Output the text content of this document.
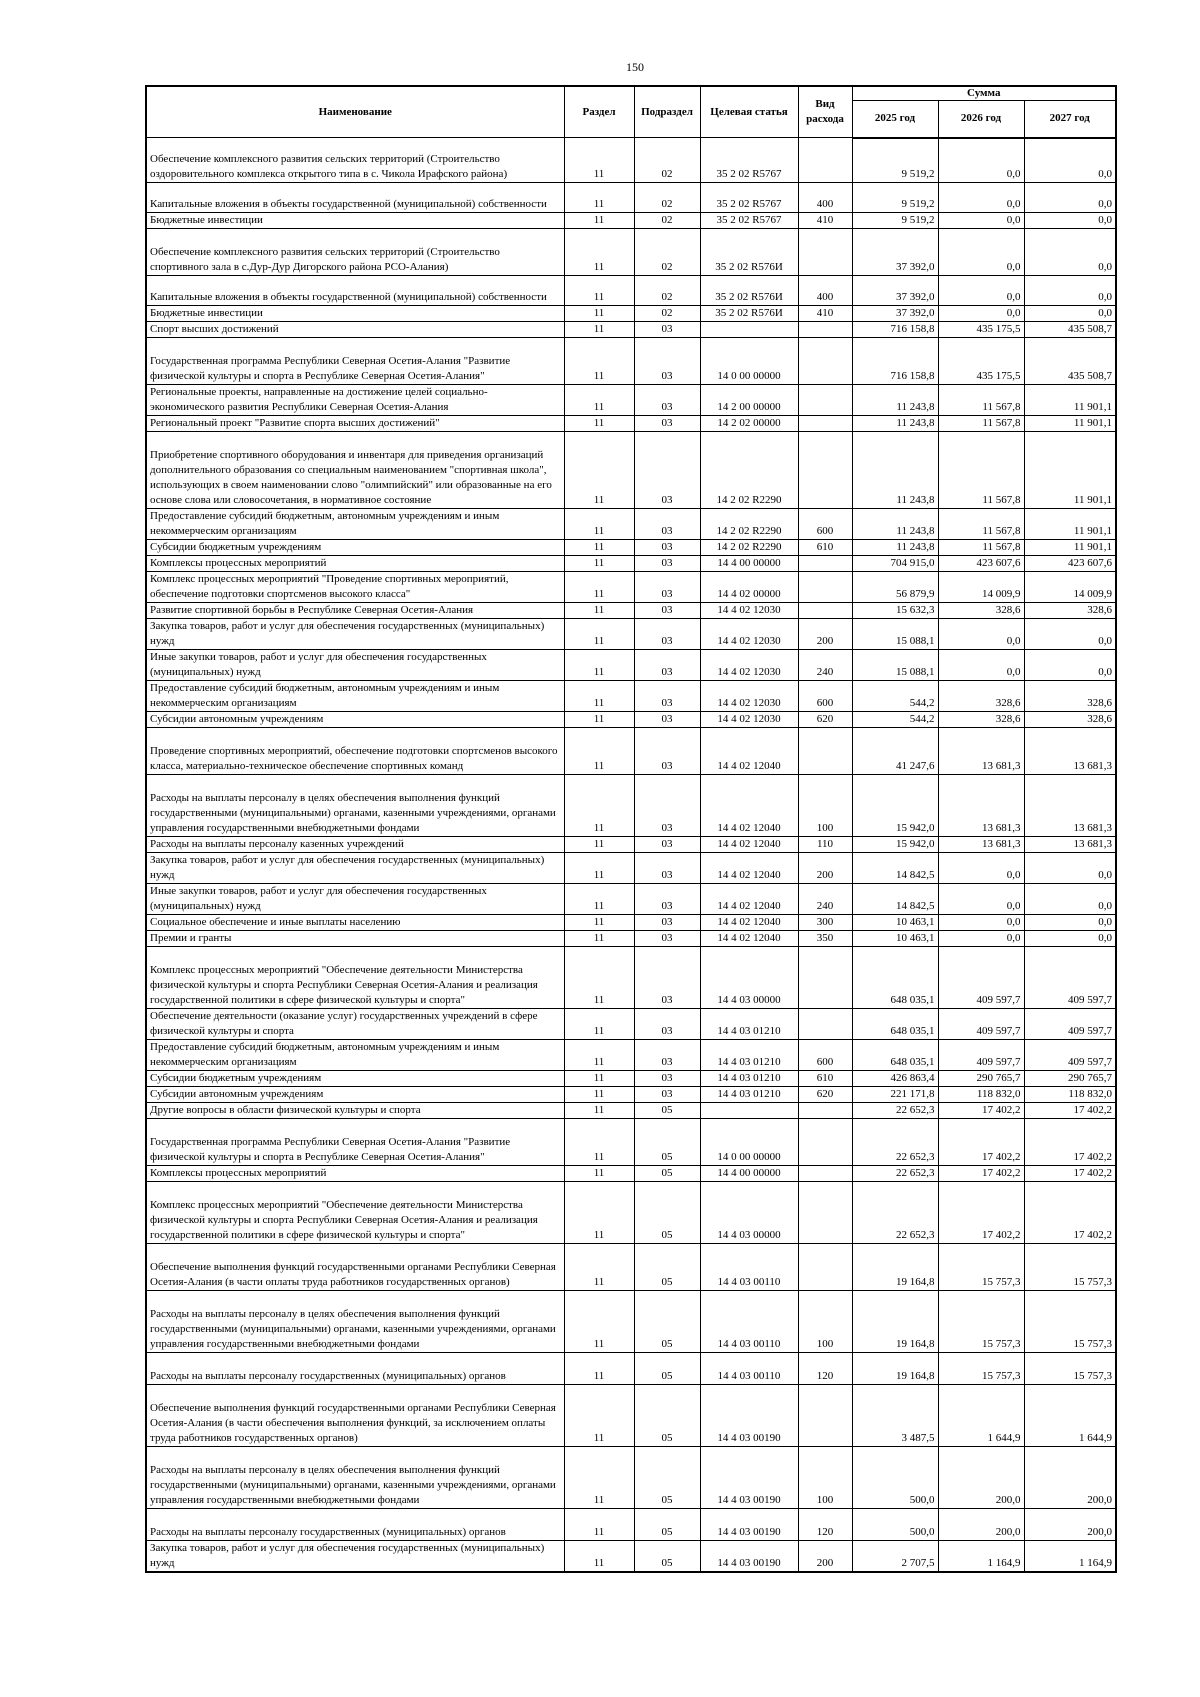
150
Наименование	Раздел	Подраздел	Целевая статья	Вид расхода	Сумма		
					2025 год	2026 год	2027 год
Обеспечение комплексного развития сельских территорий (Строительство оздоровительного комплекса открытого типа в с. Чикола Ирафского района)	11	02	35 2 02 R5767		9 519,2	0,0	0,0
Капитальные вложения в объекты государственной (муниципальной) собственности	11	02	35 2 02 R5767	400	9 519,2	0,0	0,0
Бюджетные инвестиции	11	02	35 2 02 R5767	410	9 519,2	0,0	0,0
Обеспечение комплексного развития сельских территорий (Строительство спортивного зала в с.Дур-Дур Дигорского района РСО-Алания)	11	02	35 2 02 R576И		37 392,0	0,0	0,0
Капитальные вложения в объекты государственной (муниципальной) собственности	11	02	35 2 02 R576И	400	37 392,0	0,0	0,0
Бюджетные инвестиции	11	02	35 2 02 R576И	410	37 392,0	0,0	0,0
Спорт высших достижений	11	03			716 158,8	435 175,5	435 508,7
Государственная программа Республики Северная Осетия-Алания "Развитие физической культуры и спорта в Республике Северная Осетия-Алания"	11	03	14 0 00 00000		716 158,8	435 175,5	435 508,7
Региональные проекты, направленные на достижение целей социально-экономического развития Республики Северная Осетия-Алания	11	03	14 2 00 00000		11 243,8	11 567,8	11 901,1
Региональный проект "Развитие спорта высших достижений"	11	03	14 2 02 00000		11 243,8	11 567,8	11 901,1
Приобретение спортивного оборудования и инвентаря для приведения организаций дополнительного образования со специальным наименованием "спортивная школа", использующих в своем наименовании слово "олимпийский" или образованные на его основе слова или словосочетания, в нормативное состояние	11	03	14 2 02 R2290		11 243,8	11 567,8	11 901,1
Предоставление субсидий бюджетным, автономным учреждениям и иным некоммерческим организациям	11	03	14 2 02 R2290	600	11 243,8	11 567,8	11 901,1
Субсидии бюджетным учреждениям	11	03	14 2 02 R2290	610	11 243,8	11 567,8	11 901,1
Комплексы процессных мероприятий	11	03	14 4 00 00000		704 915,0	423 607,6	423 607,6
Комплекс процессных мероприятий "Проведение спортивных мероприятий, обеспечение подготовки спортсменов высокого класса"	11	03	14 4 02 00000		56 879,9	14 009,9	14 009,9
Развитие спортивной борьбы в Республике Северная Осетия-Алания	11	03	14 4 02 12030		15 632,3	328,6	328,6
Закупка товаров, работ и услуг для обеспечения государственных (муниципальных) нужд	11	03	14 4 02 12030	200	15 088,1	0,0	0,0
Иные закупки товаров, работ и услуг для обеспечения государственных (муниципальных) нужд	11	03	14 4 02 12030	240	15 088,1	0,0	0,0
Предоставление субсидий бюджетным, автономным учреждениям и иным некоммерческим организациям	11	03	14 4 02 12030	600	544,2	328,6	328,6
Субсидии автономным учреждениям	11	03	14 4 02 12030	620	544,2	328,6	328,6
Проведение спортивных мероприятий, обеспечение подготовки спортсменов высокого класса, материально-техническое обеспечение спортивных команд	11	03	14 4 02 12040		41 247,6	13 681,3	13 681,3
Расходы на выплаты персоналу в целях обеспечения выполнения функций государственными (муниципальными) органами, казенными учреждениями, органами управления государственными внебюджетными фондами	11	03	14 4 02 12040	100	15 942,0	13 681,3	13 681,3
Расходы на выплаты персоналу казенных учреждений	11	03	14 4 02 12040	110	15 942,0	13 681,3	13 681,3
Закупка товаров, работ и услуг для обеспечения государственных (муниципальных) нужд	11	03	14 4 02 12040	200	14 842,5	0,0	0,0
Иные закупки товаров, работ и услуг для обеспечения государственных (муниципальных) нужд	11	03	14 4 02 12040	240	14 842,5	0,0	0,0
Социальное обеспечение и иные выплаты населению	11	03	14 4 02 12040	300	10 463,1	0,0	0,0
Премии и гранты	11	03	14 4 02 12040	350	10 463,1	0,0	0,0
Комплекс процессных мероприятий "Обеспечение деятельности Министерства физической культуры и спорта Республики Северная Осетия-Алания и реализация государственной политики в сфере физической культуры и спорта"	11	03	14 4 03 00000		648 035,1	409 597,7	409 597,7
Обеспечение деятельности (оказание услуг) государственных учреждений в сфере физической культуры и спорта	11	03	14 4 03 01210		648 035,1	409 597,7	409 597,7
Предоставление субсидий бюджетным, автономным учреждениям и иным некоммерческим организациям	11	03	14 4 03 01210	600	648 035,1	409 597,7	409 597,7
Субсидии бюджетным учреждениям	11	03	14 4 03 01210	610	426 863,4	290 765,7	290 765,7
Субсидии автономным учреждениям	11	03	14 4 03 01210	620	221 171,8	118 832,0	118 832,0
Другие вопросы в области физической культуры и спорта	11	05			22 652,3	17 402,2	17 402,2
Государственная программа Республики Северная Осетия-Алания "Развитие физической культуры и спорта в Республике Северная Осетия-Алания"	11	05	14 0 00 00000		22 652,3	17 402,2	17 402,2
Комплексы процессных мероприятий	11	05	14 4 00 00000		22 652,3	17 402,2	17 402,2
Комплекс процессных мероприятий "Обеспечение деятельности Министерства физической культуры и спорта Республики Северная Осетия-Алания и реализация государственной политики в сфере физической культуры и спорта"	11	05	14 4 03 00000		22 652,3	17 402,2	17 402,2
Обеспечение выполнения функций государственными органами Республики Северная Осетия-Алания (в части оплаты труда работников государственных органов)	11	05	14 4 03 00110		19 164,8	15 757,3	15 757,3
Расходы на выплаты персоналу в целях обеспечения выполнения функций государственными (муниципальными) органами, казенными учреждениями, органами управления государственными внебюджетными фондами	11	05	14 4 03 00110	100	19 164,8	15 757,3	15 757,3
Расходы на выплаты персоналу государственных (муниципальных) органов	11	05	14 4 03 00110	120	19 164,8	15 757,3	15 757,3
Обеспечение выполнения функций государственными органами Республики Северная Осетия-Алания (в части обеспечения выполнения функций, за исключением оплаты труда работников государственных органов)	11	05	14 4 03 00190		3 487,5	1 644,9	1 644,9
Расходы на выплаты персоналу в целях обеспечения выполнения функций государственными (муниципальными) органами, казенными учреждениями, органами управления государственными внебюджетными фондами	11	05	14 4 03 00190	100	500,0	200,0	200,0
Расходы на выплаты персоналу государственных (муниципальных) органов	11	05	14 4 03 00190	120	500,0	200,0	200,0
Закупка товаров, работ и услуг для обеспечения государственных (муниципальных) нужд	11	05	14 4 03 00190	200	2 707,5	1 164,9	1 164,9
